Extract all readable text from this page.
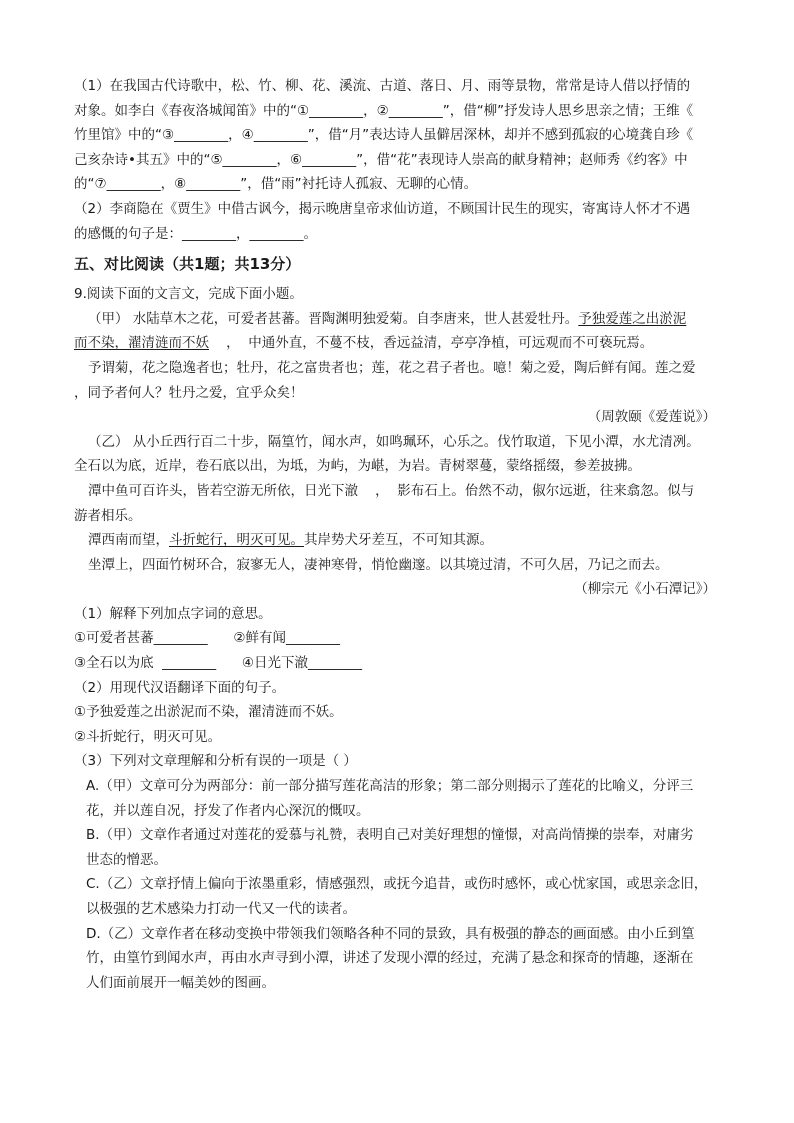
（1）在我国古代诗歌中，松、竹、柳、花、溪流、古道、落日、月、雨等景物，常常是诗人借以抒情的
对象。如李白《春夜洛城闻笛》中的“①________，②________”，借“柳”抒发诗人思乡思亲之情；王维《
竹里馆》中的“③________，④________”，借“月”表达诗人虽僻居深林，却并不感到孤寂的心境龚自珍《
己亥杂诗•其五》中的“⑤________，⑥________”，借“花”表现诗人崇高的献身精神；赵师秀《约客》中
的“⑦________，⑧________”，借“雨”衬托诗人孤寂、无聊的心情。
（2）李商隐在《贾生》中借古讽今，揭示晚唐皇帝求仙访道，不顾国计民生的现实，寄寓诗人怀才不遇
的感慨的句子是：________，________。
五、对比阅读（共1题；共13分）
9.阅读下面的文言文，完成下面小题。
（甲） 水陆草木之花，可爱者甚蕃。晋陶渊明独爱菊。自李唐来，世人甚爱牡丹。予独爱莲之出淤泥
而不染，濯清涟而不妖    ，  中通外直，不蔓不枝，香远益清，亭亭净植，可远观而不可亵玩焉。
予谓菊，花之隐逸者也；牡丹，花之富贵者也；莲，花之君子者也。噫！菊之爱，陶后鲜有闻。莲之爱
，同予者何人？牡丹之爱，宜乎众矣！
（周敦颐《爱莲说》）
（乙） 从小丘西行百二十步，隔篁竹，闻水声，如鸣珮环，心乐之。伐竹取道，下见小潭，水尤清冽。
全石以为底，近岸，卷石底以出，为坻，为屿，为嵁，为岩。青树翠蔓，蒙络摇缀，参差披拂。
潭中鱼可百许头，皆若空游无所依，日光下澈    ，  影布石上。佁然不动，俶尔远逝，往来翕忽。似与
游者相乐。
潭西南而望，斗折蛇行，明灭可见。其岸势犬牙差互，不可知其源。
坐潭上，四面竹树环合，寂寥无人，凄神寒骨，悄怆幽邃。以其境过清，不可久居，乃记之而去。
（柳宗元《小石潭记》）
（1）解释下列加点字词的意思。
①可爱者甚蕃________      ②鲜有闻________
③全石以为底  ________      ④日光下澈________
（2）用现代汉语翻译下面的句子。
①予独爱莲之出淤泥而不染，濯清涟而不妖。
②斗折蛇行，明灭可见。
（3）下列对文章理解和分析有误的一项是（ ）
A.（甲）文章可分为两部分：前一部分描写莲花高洁的形象；第二部分则揭示了莲花的比喻义，分评三
花，并以莲自况，抒发了作者内心深沉的慨叹。
B.（甲）文章作者通过对莲花的爱慕与礼赞，表明自己对美好理想的憧憬，对高尚情操的崇奉，对庸劣
世态的憎恶。
C.（乙）文章抒情上偏向于浓墨重彩，情感强烈，或抚今追昔，或伤时感怀，或心忧家国，或思亲念旧，
以极强的艺术感染力打动一代又一代的读者。
D.（乙）文章作者在移动变换中带领我们领略各种不同的景致，具有极强的静态的画面感。由小丘到篁
竹，由篁竹到闻水声，再由水声寻到小潭，讲述了发现小潭的经过，充满了悬念和探奇的情趣，逐渐在
人们面前展开一幅美妙的图画。
